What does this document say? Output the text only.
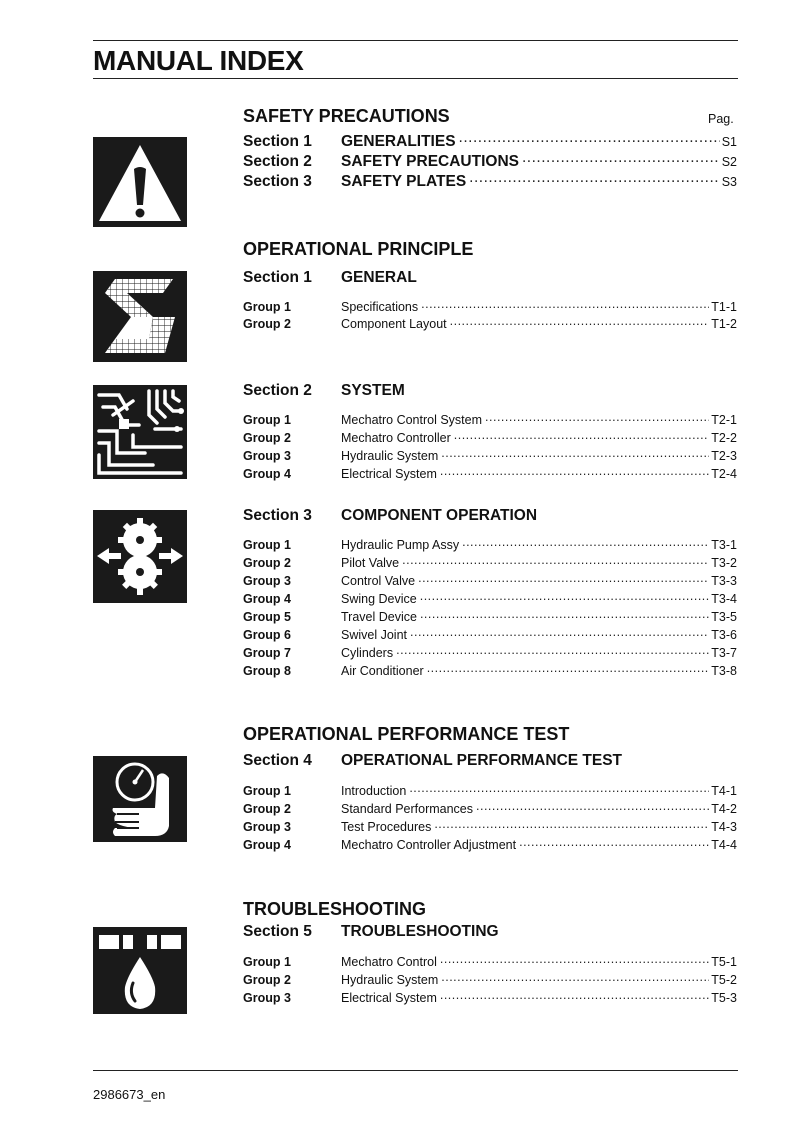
MANUAL INDEX
Pag.
SAFETY PRECAUTIONS
Section 1	GENERALITIES .....	S1
Section 2	SAFETY PRECAUTIONS .....	S2
Section 3	SAFETY PLATES .....	S3
OPERATIONAL PRINCIPLE
Section 1 GENERAL
Group 1	Specifications .....	T1-1
Group 2	Component Layout .....	T1-2
Section 2 SYSTEM
Group 1	Mechatro Control System .....	T2-1
Group 2	Mechatro Controller .....	T2-2
Group 3	Hydraulic System .....	T2-3
Group 4	Electrical System .....	T2-4
Section 3 COMPONENT OPERATION
Group 1	Hydraulic Pump Assy .....	T3-1
Group 2	Pilot Valve .....	T3-2
Group 3	Control Valve .....	T3-3
Group 4	Swing Device .....	T3-4
Group 5	Travel Device .....	T3-5
Group 6	Swivel Joint .....	T3-6
Group 7	Cylinders .....	T3-7
Group 8	Air Conditioner .....	T3-8
OPERATIONAL PERFORMANCE TEST
Section 4 OPERATIONAL PERFORMANCE TEST
Group 1	Introduction .....	T4-1
Group 2	Standard Performances .....	T4-2
Group 3	Test Procedures .....	T4-3
Group 4	Mechatro Controller Adjustment .....	T4-4
TROUBLESHOOTING
Section 5 TROUBLESHOOTING
Group 1	Mechatro Control .....	T5-1
Group 2	Hydraulic System .....	T5-2
Group 3	Electrical System .....	T5-3
2986673_en
